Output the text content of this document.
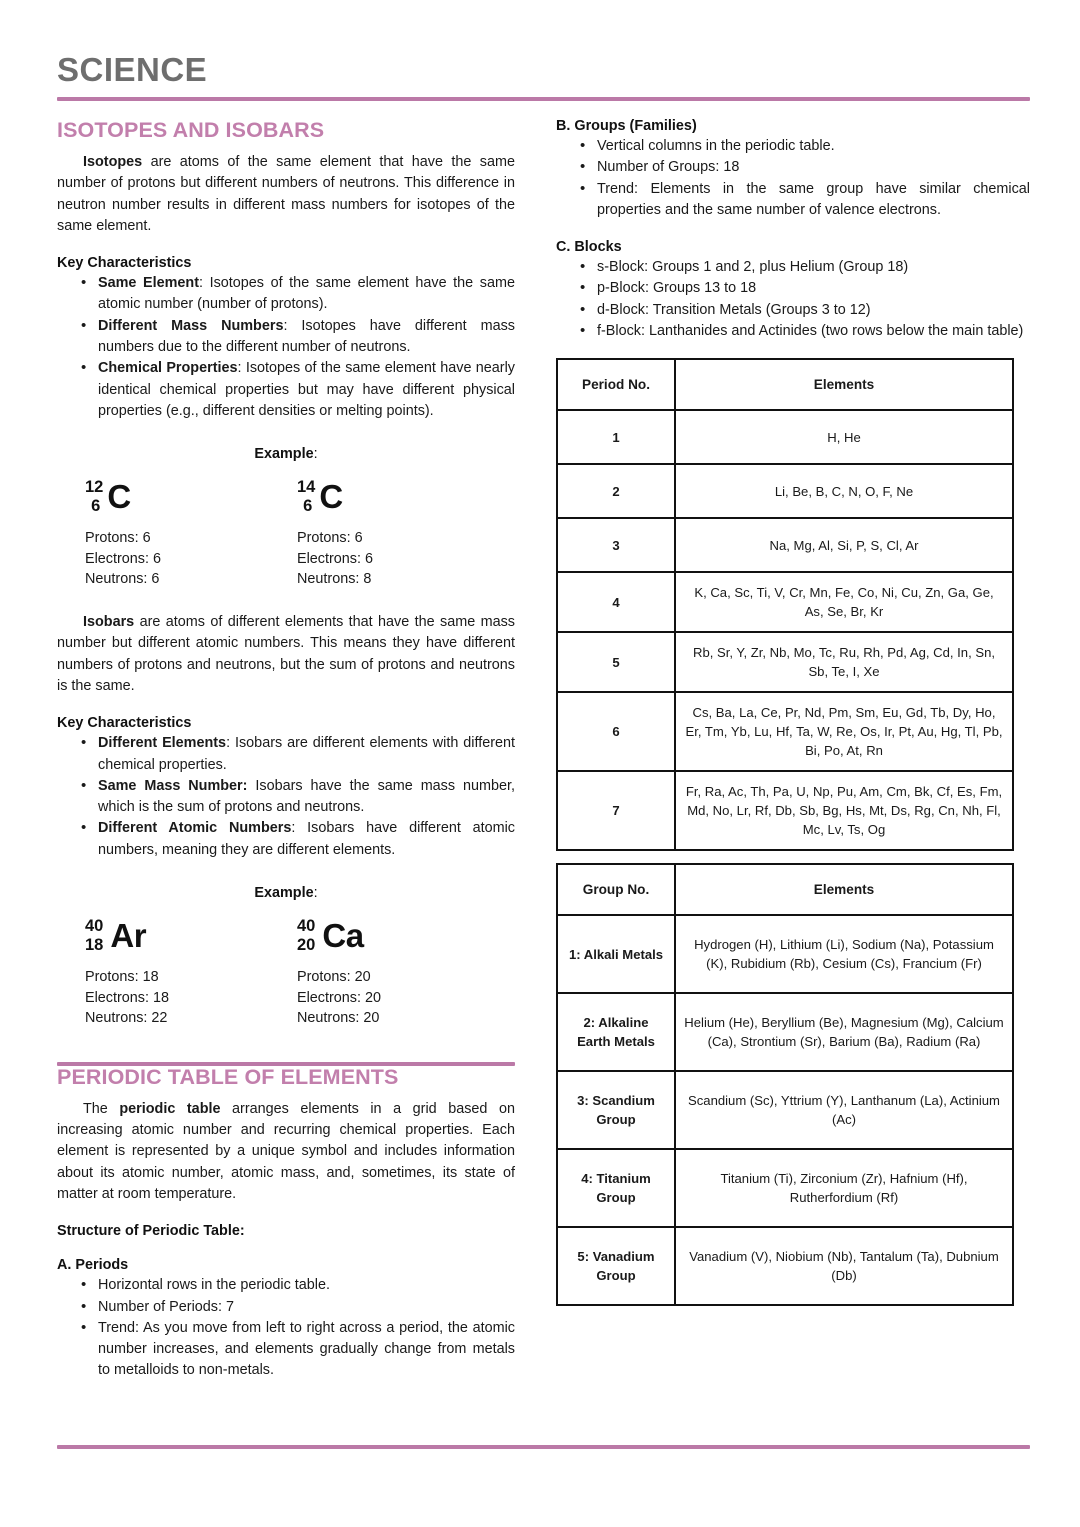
SCIENCE
ISOTOPES AND ISOBARS

Isotopes are atoms of the same element that have the same number of protons but different numbers of neutrons. This difference in neutron number results in different mass numbers for isotopes of the same element.

Key Characteristics
• Same Element: Isotopes of the same element have the same atomic number (number of protons).
• Different Mass Numbers: Isotopes have different mass numbers due to the different number of neutrons.
• Chemical Properties: Isotopes of the same element have nearly identical chemical properties but may have different physical properties (e.g., different densities or melting points).
Example:
12
6 C
Protons: 6
Electrons: 6
Neutrons: 6
14
6 C
Protons: 6
Electrons: 6
Neutrons: 8

Isobars are atoms of different elements that have the same mass number but different atomic numbers. This means they have different numbers of protons and neutrons, but the sum of protons and neutrons is the same.

Key Characteristics
• Different Elements: Isobars are different elements with different chemical properties.
• Same Mass Number: Isobars have the same mass number, which is the sum of protons and neutrons.
• Different Atomic Numbers: Isobars have different atomic numbers, meaning they are different elements.
Example:
40
18 Ar
Protons: 18
Electrons: 18
Neutrons: 22
40
20 Ca
Protons: 20
Electrons: 20
Neutrons: 20
PERIODIC TABLE OF ELEMENTS

The periodic table arranges elements in a grid based on increasing atomic number and recurring chemical properties. Each element is represented by a unique symbol and includes information about its atomic number, atomic mass, and, sometimes, its state of matter at room temperature.

Structure of Periodic Table:
A. Periods
• Horizontal rows in the periodic table.
• Number of Periods: 7
• Trend: As you move from left to right across a period, the atomic number increases, and elements gradually change from metals to metalloids to non-metals.
B. Groups (Families)
• Vertical columns in the periodic table.
• Number of Groups: 18
• Trend: Elements in the same group have similar chemical properties and the same number of valence electrons.
C. Blocks
• s-Block: Groups 1 and 2, plus Helium (Group 18)
• p-Block: Groups 13 to 18
• d-Block: Transition Metals (Groups 3 to 12)
• f-Block: Lanthanides and Actinides (two rows below the main table)
Period No.	Elements
1	H, He
2	Li, Be, B, C, N, O, F, Ne
3	Na, Mg, Al, Si, P, S, Cl, Ar
4	K, Ca, Sc, Ti, V, Cr, Mn, Fe, Co, Ni, Cu, Zn, Ga, Ge, As, Se, Br, Kr
5	Rb, Sr, Y, Zr, Nb, Mo, Tc, Ru, Rh, Pd, Ag, Cd, In, Sn, Sb, Te, I, Xe
6	Cs, Ba, La, Ce, Pr, Nd, Pm, Sm, Eu, Gd, Tb, Dy, Ho, Er, Tm, Yb, Lu, Hf, Ta, W, Re, Os, Ir, Pt, Au, Hg, Tl, Pb, Bi, Po, At, Rn
7	Fr, Ra, Ac, Th, Pa, U, Np, Pu, Am, Cm, Bk, Cf, Es, Fm, Md, No, Lr, Rf, Db, Sb, Bg, Hs, Mt, Ds, Rg, Cn, Nh, Fl, Mc, Lv, Ts, Og
Group No.	Elements
1: Alkali Metals	Hydrogen (H), Lithium (Li), Sodium (Na), Potassium (K), Rubidium (Rb), Cesium (Cs), Francium (Fr)
2: Alkaline Earth Metals	Helium (He), Beryllium (Be), Magnesium (Mg), Calcium (Ca), Strontium (Sr), Barium (Ba), Radium (Ra)
3: Scandium Group	Scandium (Sc), Yttrium (Y), Lanthanum (La), Actinium (Ac)
4: Titanium Group	Titanium (Ti), Zirconium (Zr), Hafnium (Hf), Rutherfordium (Rf)
5: Vanadium Group	Vanadium (V), Niobium (Nb), Tantalum (Ta), Dubnium (Db)
